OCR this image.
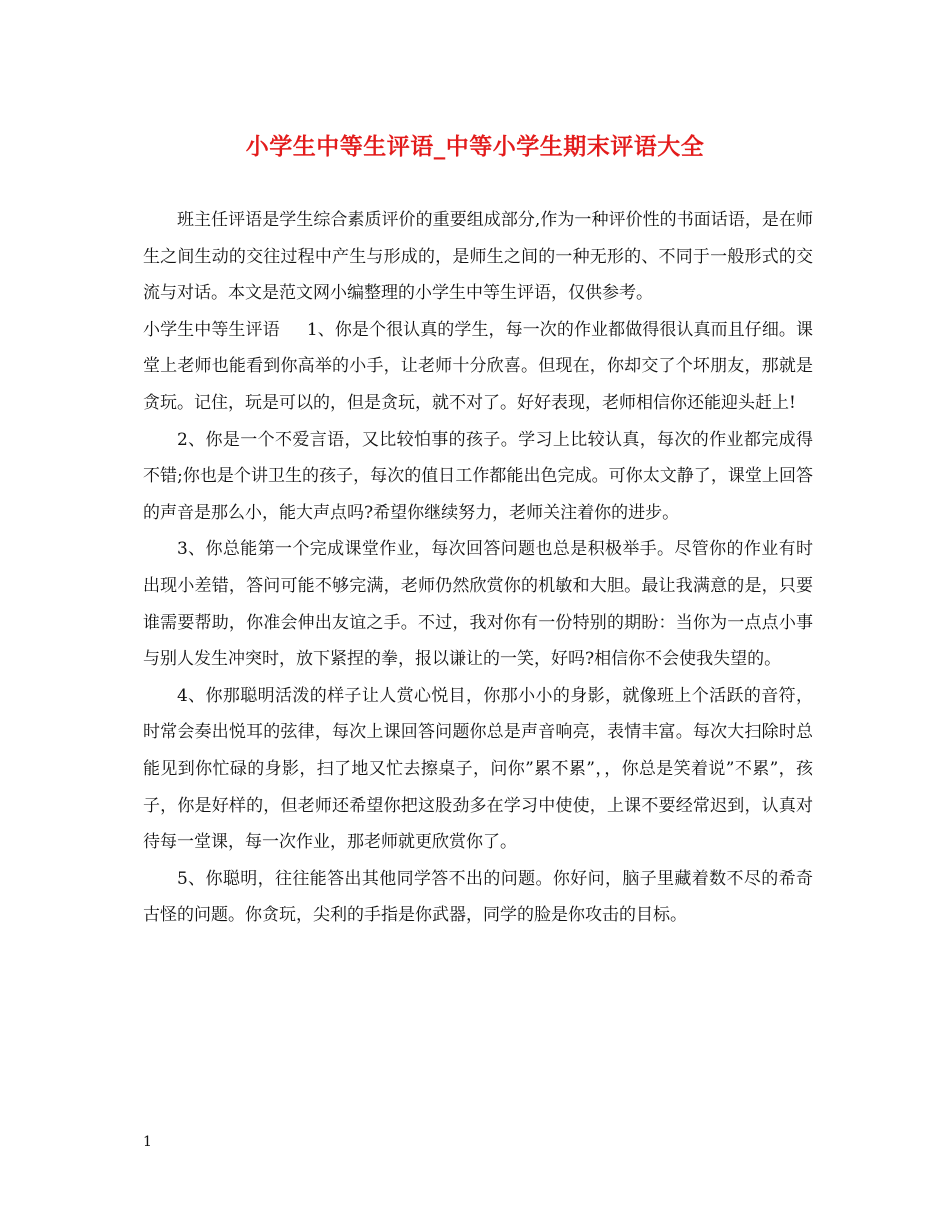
小学生中等生评语_中等小学生期末评语大全

班主任评语是学生综合素质评价的重要组成部分,作为一种评价性的书面话语，是在师生之间生动的交往过程中产生与形成的，是师生之间的一种无形的、不同于一般形式的交流与对话。本文是范文网小编整理的小学生中等生评语，仅供参考。

小学生中等生评语 1、你是个很认真的学生，每一次的作业都做得很认真而且仔细。课堂上老师也能看到你高举的小手，让老师十分欣喜。但现在，你却交了个坏朋友，那就是贪玩。记住，玩是可以的，但是贪玩，就不对了。好好表现，老师相信你还能迎头赶上!

2、你是一个不爱言语，又比较怕事的孩子。学习上比较认真，每次的作业都完成得不错;你也是个讲卫生的孩子，每次的值日工作都能出色完成。可你太文静了，课堂上回答的声音是那么小，能大声点吗?希望你继续努力，老师关注着你的进步。

3、你总能第一个完成课堂作业，每次回答问题也总是积极举手。尽管你的作业有时出现小差错，答问可能不够完满，老师仍然欣赏你的机敏和大胆。最让我满意的是，只要谁需要帮助，你准会伸出友谊之手。不过，我对你有一份特别的期盼：当你为一点点小事与别人发生冲突时，放下紧捏的拳，报以谦让的一笑，好吗?相信你不会使我失望的。

4、你那聪明活泼的样子让人赏心悦目，你那小小的身影，就像班上个活跃的音符，时常会奏出悦耳的弦律，每次上课回答问题你总是声音响亮，表情丰富。每次大扫除时总能见到你忙碌的身影，扫了地又忙去擦桌子，问你”累不累”，，你总是笑着说”不累”，孩子，你是好样的，但老师还希望你把这股劲多在学习中使使，上课不要经常迟到，认真对待每一堂课，每一次作业，那老师就更欣赏你了。

5、你聪明，往往能答出其他同学答不出的问题。你好问，脑子里藏着数不尽的希奇古怪的问题。你贪玩，尖利的手指是你武器，同学的脸是你攻击的目标。

1
